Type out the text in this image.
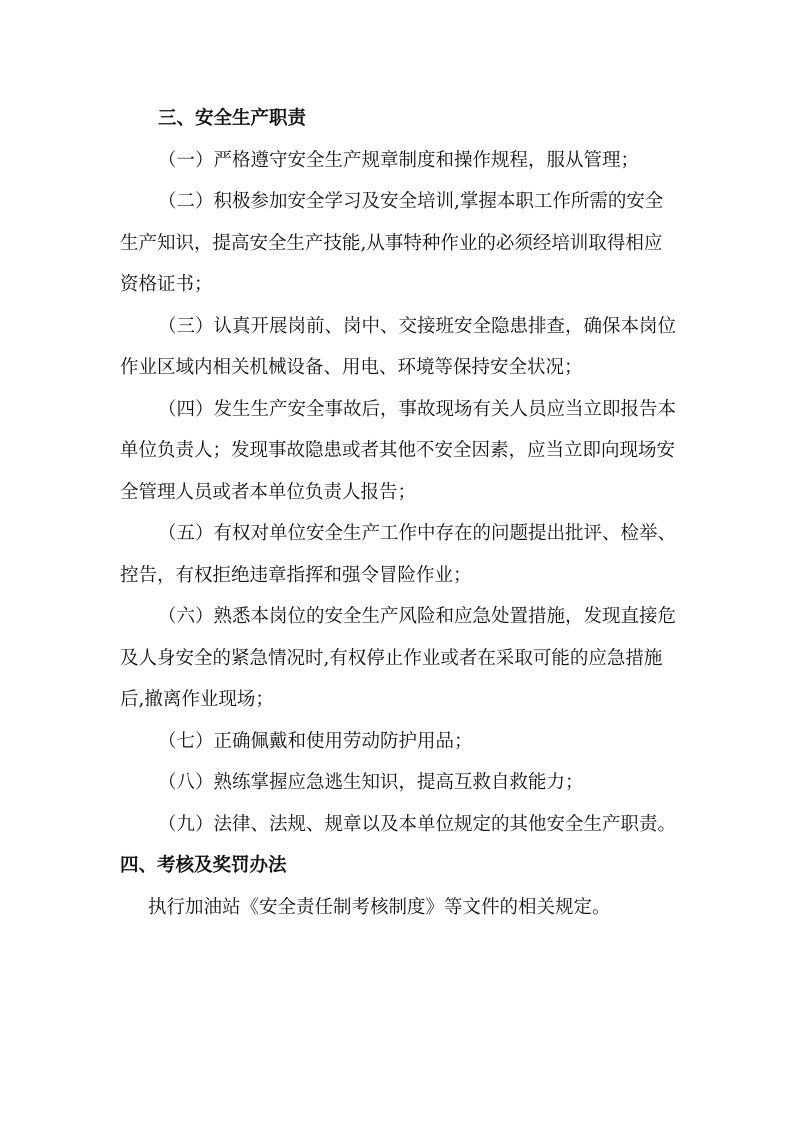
三、安全生产职责
（一）严格遵守安全生产规章制度和操作规程，服从管理；
（二）积极参加安全学习及安全培训,掌握本职工作所需的安全
生产知识，提高安全生产技能,从事特种作业的必须经培训取得相应
资格证书；
（三）认真开展岗前、岗中、交接班安全隐患排查，确保本岗位
作业区域内相关机械设备、用电、环境等保持安全状况；
（四）发生生产安全事故后，事故现场有关人员应当立即报告本
单位负责人；发现事故隐患或者其他不安全因素，应当立即向现场安
全管理人员或者本单位负责人报告；
（五）有权对单位安全生产工作中存在的问题提出批评、检举、
控告，有权拒绝违章指挥和强令冒险作业；
（六）熟悉本岗位的安全生产风险和应急处置措施，发现直接危
及人身安全的紧急情况时,有权停止作业或者在采取可能的应急措施
后,撤离作业现场；
（七）正确佩戴和使用劳动防护用品；
（八）熟练掌握应急逃生知识，提高互救自救能力；
（九）法律、法规、规章以及本单位规定的其他安全生产职责。
四、考核及奖罚办法
执行加油站《安全责任制考核制度》等文件的相关规定。
